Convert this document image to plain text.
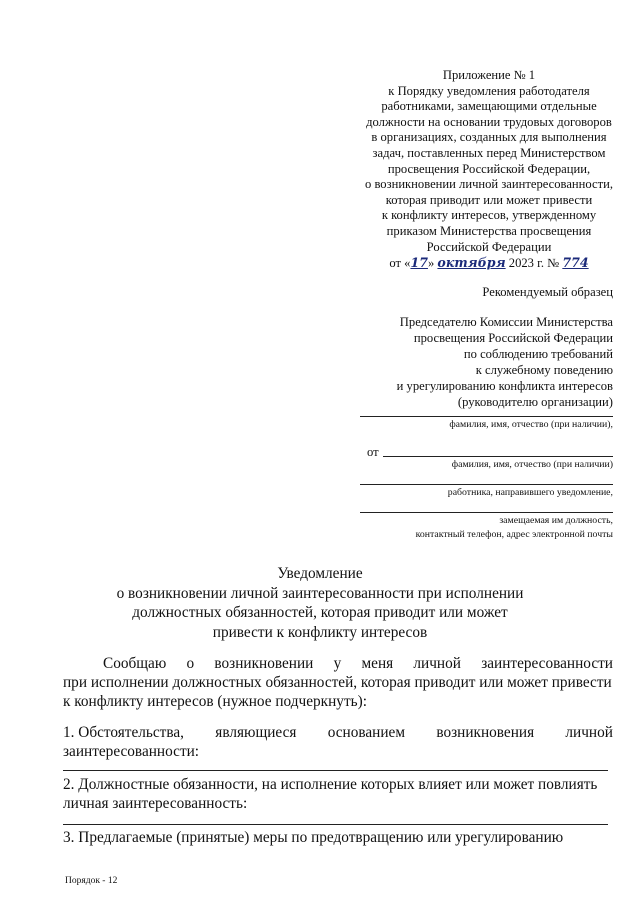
Приложение № 1
к Порядку уведомления работодателя
работниками, замещающими отдельные
должности на основании трудовых договоров
в организациях, созданных для выполнения
задач, поставленных перед Министерством
просвещения Российской Федерации,
о возникновении личной заинтересованности,
которая приводит или может привести
к конфликту интересов, утвержденному
приказом Министерства просвещения
Российской Федерации
от «17» октября 2023 г. № 774
Рекомендуемый образец
Председателю Комиссии Министерства
просвещения Российской Федерации
по соблюдению требований
к служебному поведению
и урегулированию конфликта интересов
(руководителю организации)
фамилия, имя, отчество (при наличии),
от
фамилия, имя, отчество (при наличии)
работника, направившего уведомление,
замещаемая им должность,
контактный телефон, адрес электронной почты
Уведомление
о возникновении личной заинтересованности при исполнении
должностных обязанностей, которая приводит или может
привести к конфликту интересов
Сообщаю о возникновении у меня личной заинтересованности
при исполнении должностных обязанностей, которая приводит или может привести
к конфликту интересов (нужное подчеркнуть):
1. Обстоятельства, являющиеся основанием возникновения личной
заинтересованности:
2. Должностные обязанности, на исполнение которых влияет или может повлиять
личная заинтересованность:
3. Предлагаемые (принятые) меры по предотвращению или урегулированию
Порядок - 12
